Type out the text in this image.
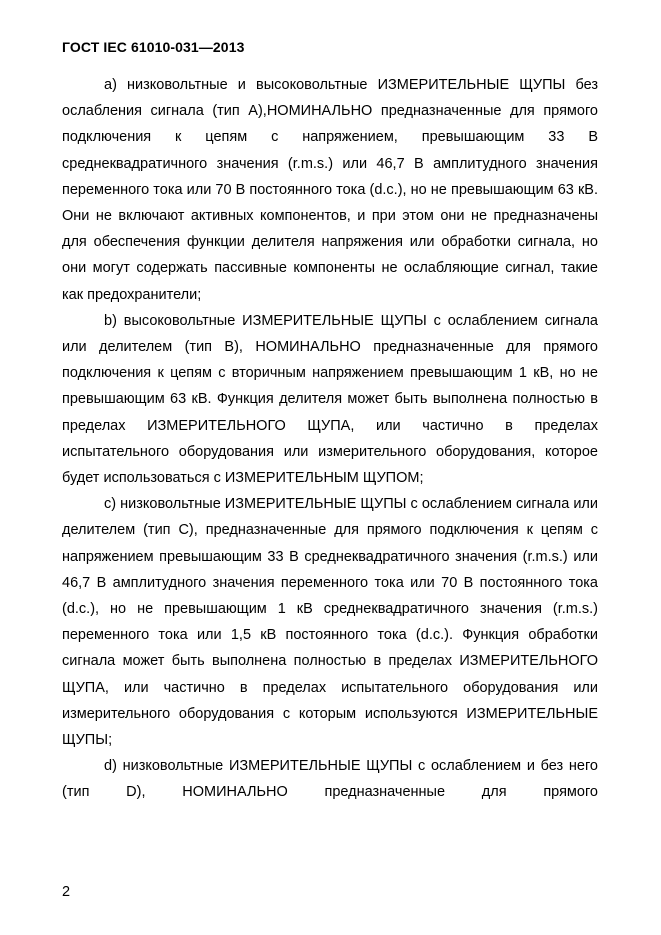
ГОСТ IEC 61010-031—2013

a) низковольтные и высоковольтные ИЗМЕРИТЕЛЬНЫЕ ЩУПЫ без ослабления сигнала (тип А),НОМИНАЛЬНО предназначенные для прямого подключения к цепям с напряжением, превышающим 33 В среднеквадратичного значения (r.m.s.) или 46,7 В амплитудного значения переменного тока или 70 В постоянного тока (d.c.), но не превышающим 63 кВ. Они не включают активных компонентов, и при этом они не предназначены для обеспечения функции делителя напряжения или обработки сигнала, но они могут содержать пассивные компоненты не ослабляющие сигнал, такие как предохранители;

b) высоковольтные ИЗМЕРИТЕЛЬНЫЕ ЩУПЫ с ослаблением сигнала или делителем (тип В), НОМИНАЛЬНО предназначенные для прямого подключения к цепям с вторичным напряжением превышающим 1 кВ, но не превышающим 63 кВ. Функция делителя может быть выполнена полностью в пределах ИЗМЕРИТЕЛЬНОГО ЩУПА, или частично в пределах испытательного оборудования или измерительного оборудования, которое будет использоваться с ИЗМЕРИТЕЛЬНЫМ ЩУПОМ;

c) низковольтные ИЗМЕРИТЕЛЬНЫЕ ЩУПЫ с ослаблением сигнала или делителем (тип С), предназначенные для прямого подключения к цепям с напряжением превышающим 33 В среднеквадратичного значения (r.m.s.) или 46,7 В амплитудного значения переменного тока или 70 В постоянного тока (d.c.), но не превышающим 1 кВ среднеквадратичного значения (r.m.s.) переменного тока или 1,5 кВ постоянного тока (d.c.). Функция обработки сигнала может быть выполнена полностью в пределах ИЗМЕРИТЕЛЬНОГО ЩУПА, или частично в пределах испытательного оборудования или измерительного оборудования с которым используются ИЗМЕРИТЕЛЬНЫЕ ЩУПЫ;

d) низковольтные ИЗМЕРИТЕЛЬНЫЕ ЩУПЫ с ослаблением и без него (тип D), НОМИНАЛЬНО предназначенные для прямого

2
